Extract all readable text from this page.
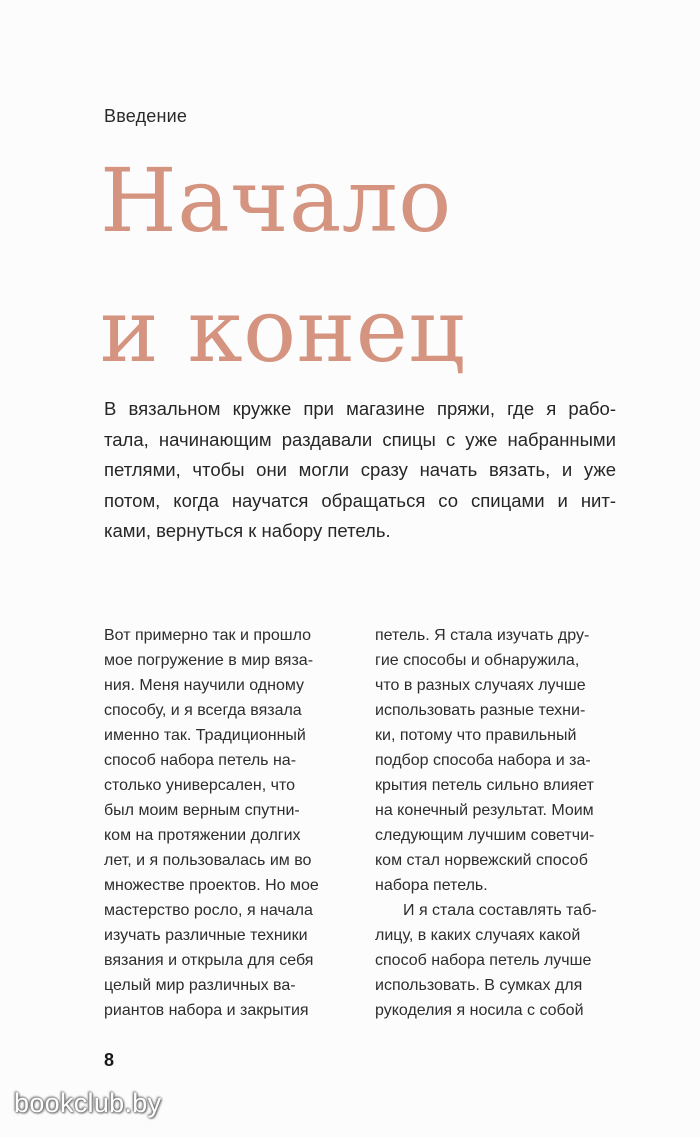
Введение
Начало
и конец

В вязальном кружке при магазине пряжи, где я рабо-
тала, начинающим раздавали спицы с уже набранными
петлями, чтобы они могли сразу начать вязать, и уже
потом, когда научатся обращаться со спицами и нит-
ками, вернуться к набору петель.

Вот примерно так и прошло
мое погружение в мир вяза-
ния. Меня научили одному
способу, и я всегда вязала
именно так. Традиционный
способ набора петель на-
столько универсален, что
был моим верным спутни-
ком на протяжении долгих
лет, и я пользовалась им во
множестве проектов. Но мое
мастерство росло, я начала
изучать различные техники
вязания и открыла для себя
целый мир различных ва-
риантов набора и закрытия
петель. Я стала изучать дру-
гие способы и обнаружила,
что в разных случаях лучше
использовать разные техни-
ки, потому что правильный
подбор способа набора и за-
крытия петель сильно влияет
на конечный результат. Моим
следующим лучшим советчи-
ком стал норвежский способ
набора петель.
И я стала составлять таб-
лицу, в каких случаях какой
способ набора петель лучше
использовать. В сумках для
рукоделия я носила с собой
8
bookclub.by
